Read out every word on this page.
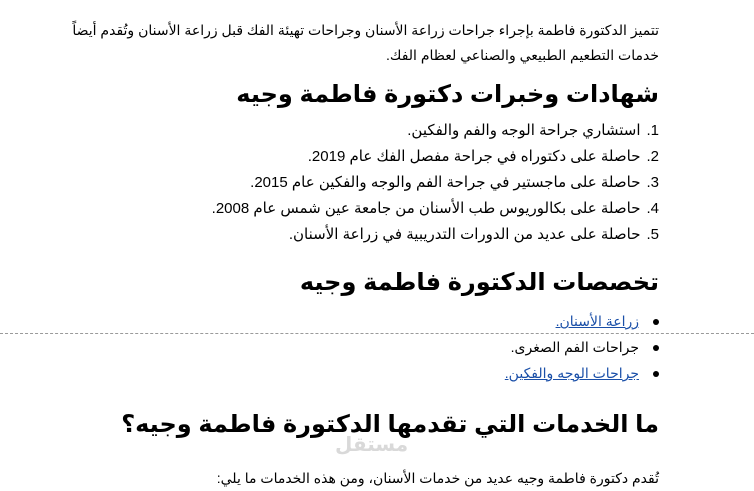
تتميز الدكتورة فاطمة بإجراء جراحات زراعة الأسنان وجراحات تهيئة الفك قبل زراعة الأسنان وتُقدم أيضاً خدمات التطعيم الطبيعي والصناعي لعظام الفك.

شهادات وخبرات دكتورة فاطمة وجيه
1.استشاري جراحة الوجه والفم والفكين.
2.حاصلة على دكتوراه في جراحة مفصل الفك عام 2019.
3.حاصلة على ماجستير في جراحة الفم والوجه والفكين عام 2015.
4.حاصلة على بكالوريوس طب الأسنان من جامعة عين شمس عام 2008.
5.حاصلة على عديد من الدورات التدريبية في زراعة الأسنان.
تخصصات الدكتورة فاطمة وجيه
زراعة الأسنان.
جراحات الفم الصغرى.
جراحات الوجه والفكين.
ما الخدمات التي تقدمها الدكتورة فاطمة وجيه؟
مستقل

تُقدم دكتورة فاطمة وجيه عديد من خدمات الأسنان، ومن هذه الخدمات ما يلي:
